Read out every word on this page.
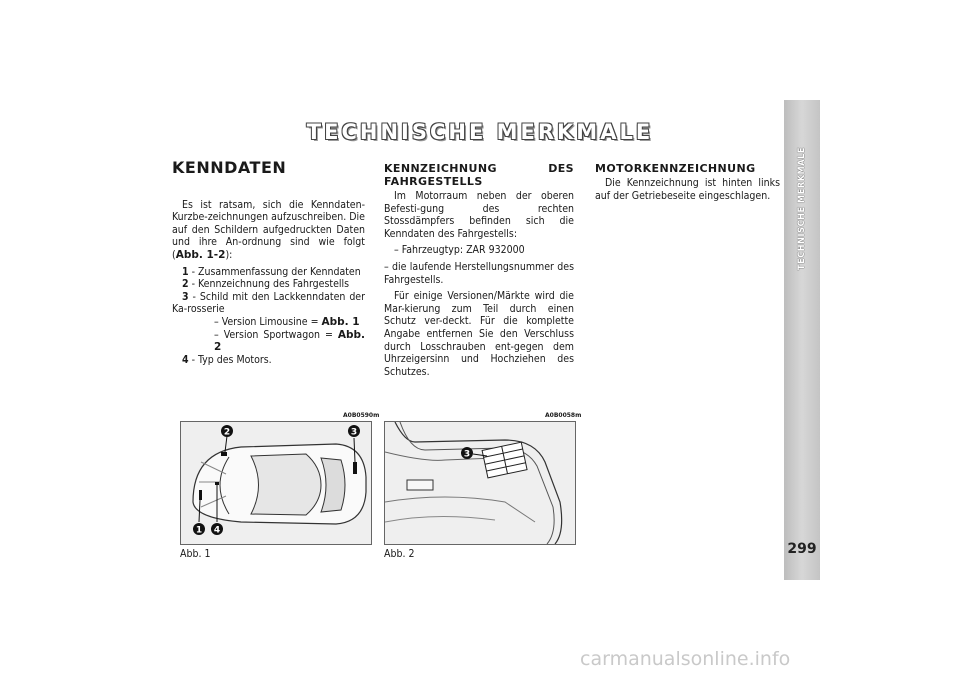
TECHNISCHE MERKMALE
299
TECHNISCHE MERKMALE
KENNDATEN

Es ist ratsam, sich die Kenndaten-Kurzbe-zeichnungen aufzuschreiben. Die auf den Schildern aufgedruckten Daten und ihre An-ordnung sind wie folgt (Abb. 1-2):

1 - Zusammenfassung der Kenndaten

2 - Kennzeichnung des Fahrgestells

3 - Schild mit den Lackkenndaten der Ka-rosserie

– Version Limousine = Abb. 1

– Version Sportwagon = Abb. 2

4 - Typ des Motors.

KENNZEICHNUNG DES FAHRGESTELLS

Im Motorraum neben der oberen Befesti-gung des rechten Stossdämpfers befinden sich die Kenndaten des Fahrgestells:

– Fahrzeugtyp: ZAR 932000

– die laufende Herstellungsnummer des Fahrgestells.

Für einige Versionen/Märkte wird die Mar-kierung zum Teil durch einen Schutz ver-deckt. Für die komplette Angabe entfernen Sie den Verschluss durch Losschrauben ent-gegen dem Uhrzeigersinn und Hochziehen des Schutzes.

MOTORKENNZEICHNUNG

Die Kennzeichnung ist hinten links auf der Getriebeseite eingeschlagen.

A0B0590m	A0B0058m
2	3
1 4
3
Abb. 1	Abb. 2
carmanualsonline.info
